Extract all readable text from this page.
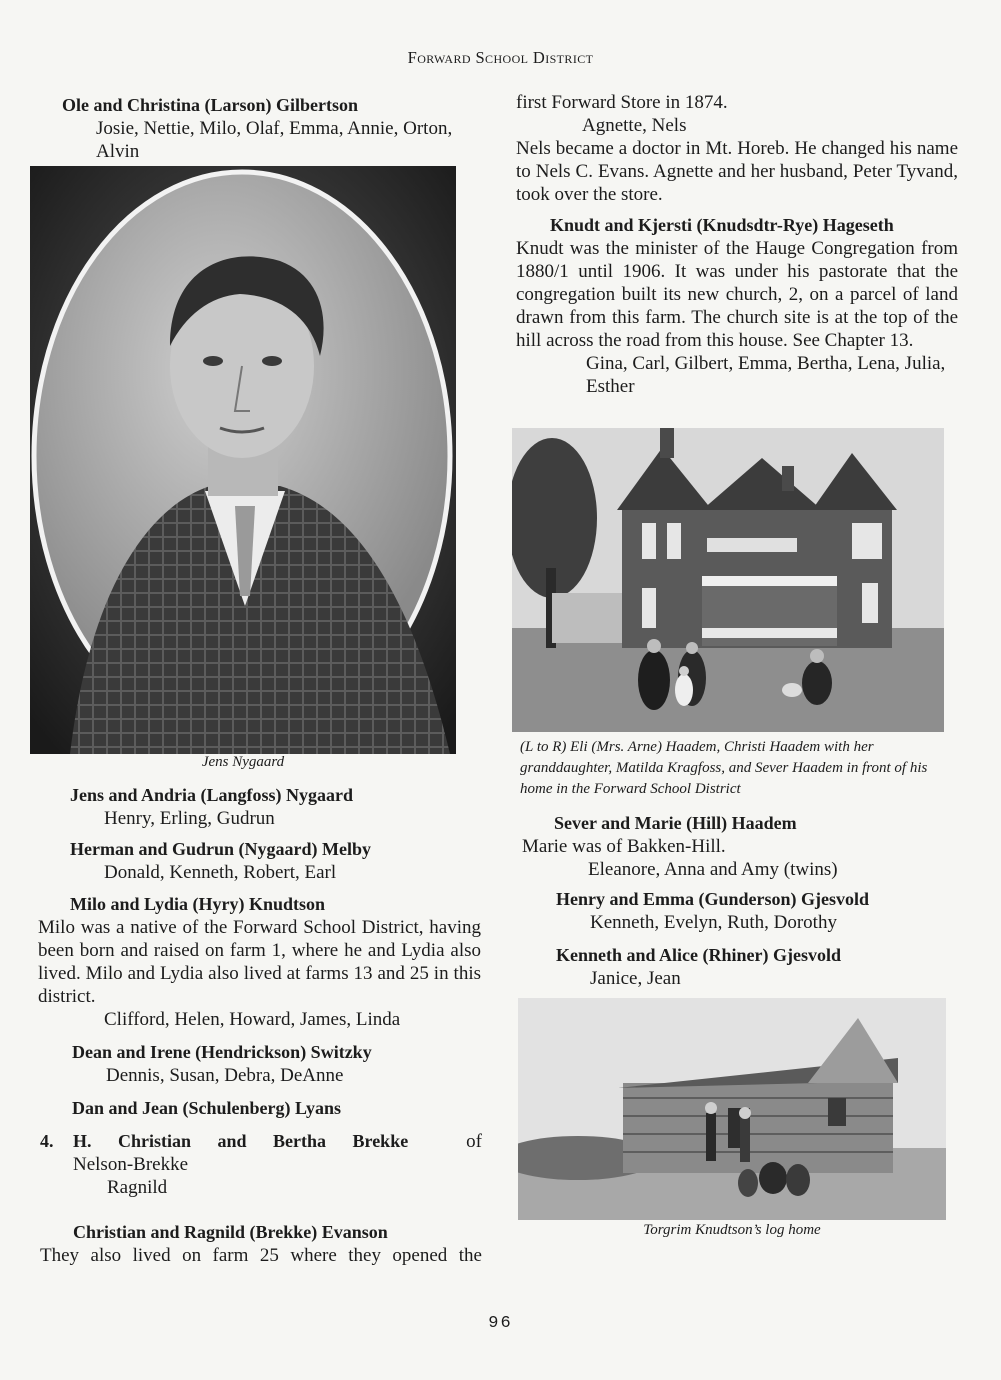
Forward School District

Ole and Christina (Larson) Gilbertson

Josie, Nettie, Milo, Olaf, Emma, Annie, Orton, Alvin

Jens Nygaard

Jens and Andria (Langfoss) Nygaard

Henry, Erling, Gudrun

Herman and Gudrun (Nygaard) Melby

Donald, Kenneth, Robert, Earl

Milo and Lydia (Hyry) Knudtson

Milo was a native of the Forward School District, having been born and raised on farm 1, where he and Lydia also lived. Milo and Lydia also lived at farms 13 and 25 in this district.

Clifford, Helen, Howard, James, Linda

Dean and Irene (Hendrickson) Switzky

Dennis, Susan, Debra, DeAnne

Dan and Jean (Schulenberg) Lyans

4.	H. Christian and Bertha Brekke	of

Nelson-Brekke

Ragnild

Christian and Ragnild (Brekke) Evanson

They also lived on farm 25 where they opened the

first Forward Store in 1874.

Agnette, Nels

Nels became a doctor in Mt. Horeb. He changed his name to Nels C. Evans. Agnette and her husband, Peter Tyvand, took over the store.

Knudt and Kjersti (Knudsdtr-Rye) Hageseth

Knudt was the minister of the Hauge Congregation from 1880/1 until 1906. It was under his pastorate that the congregation built its new church, 2, on a parcel of land drawn from this farm. The church site is at the top of the hill across the road from this house. See Chapter 13.

Gina, Carl, Gilbert, Emma, Bertha, Lena, Julia, Esther

(L to R) Eli (Mrs. Arne) Haadem, Christi Haadem with her granddaughter, Matilda Kragfoss, and Sever Haadem in front of his home in the Forward School District

Sever and Marie (Hill) Haadem

Marie was of Bakken-Hill.

Eleanore, Anna and Amy (twins)

Henry and Emma (Gunderson) Gjesvold

Kenneth, Evelyn, Ruth, Dorothy

Kenneth and Alice (Rhiner) Gjesvold

Janice, Jean

Torgrim Knudtson’s log home
96
